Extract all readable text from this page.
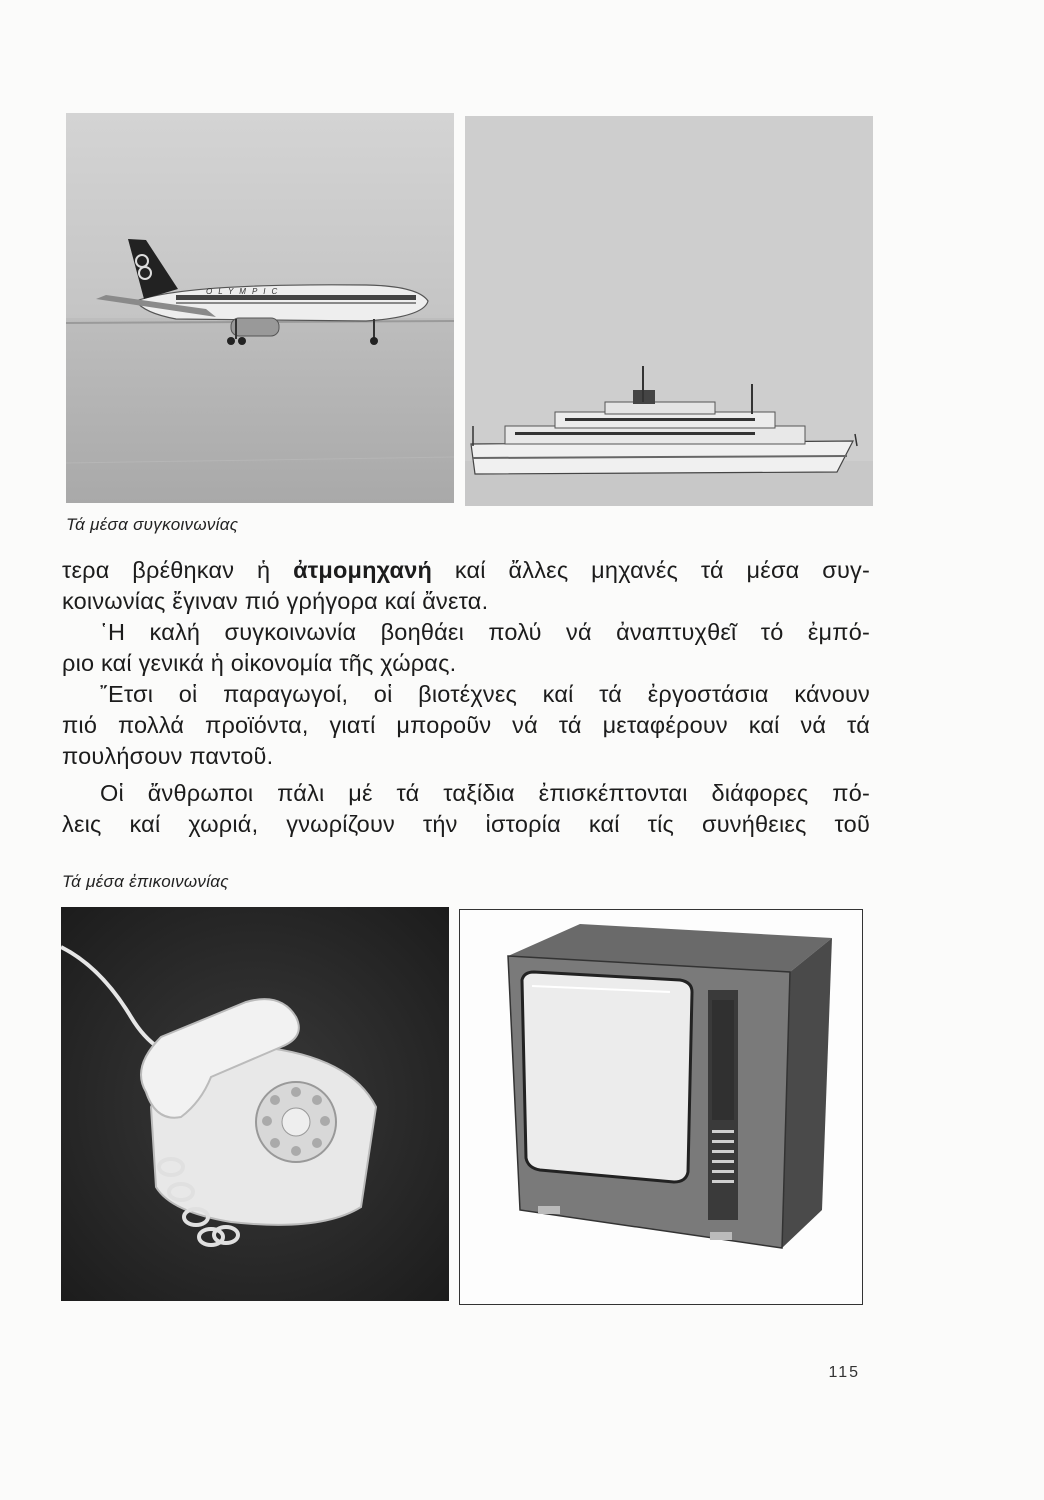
OLYMPIC

Τά μέσα συγκοινωνίας

τερα βρέθηκαν ἡ ἀτμομηχανή καί ἄλλες μηχανές τά μέσα συγ-
κοινωνίας ἔγιναν πιό γρήγορα καί ἄνετα.

῾Η καλή συγκοινωνία βοηθάει πολύ νά ἀναπτυχθεῖ τό ἐμπό-
ριο καί γενικά ἡ οἰκονομία τῆς χώρας.

῎Ετσι οἱ παραγωγοί, οἱ βιοτέχνες καί τά ἐργοστάσια κάνουν
πιό πολλά προϊόντα, γιατί μποροῦν νά τά μεταφέρουν καί νά τά
πουλήσουν παντοῦ.

Οἱ ἄνθρωποι πάλι μέ τά ταξίδια ἐπισκέπτονται διάφορες πό-
λεις καί χωριά, γνωρίζουν τήν ἱστορία καί τίς συνήθειες τοῦ

Τά μέσα ἐπικοινωνίας

115
